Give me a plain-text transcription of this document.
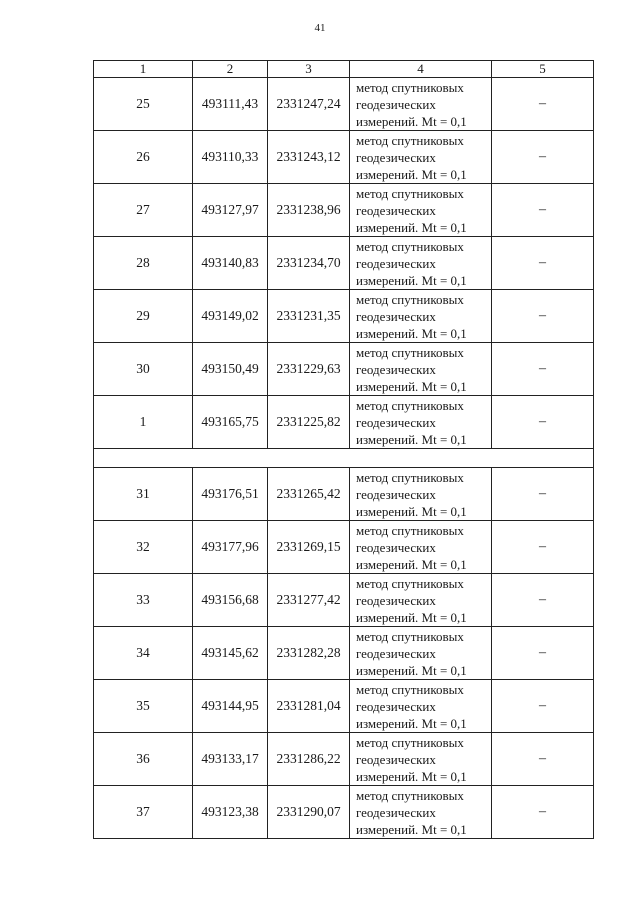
41
1	2	3	4	5
25	493111,43	2331247,24	метод спутниковых
геодезических
измерений. Mt = 0,1	–
26	493110,33	2331243,12	метод спутниковых
геодезических
измерений. Mt = 0,1	–
27	493127,97	2331238,96	метод спутниковых
геодезических
измерений. Mt = 0,1	–
28	493140,83	2331234,70	метод спутниковых
геодезических
измерений. Mt = 0,1	–
29	493149,02	2331231,35	метод спутниковых
геодезических
измерений. Mt = 0,1	–
30	493150,49	2331229,63	метод спутниковых
геодезических
измерений. Mt = 0,1	–
1	493165,75	2331225,82	метод спутниковых
геодезических
измерений. Mt = 0,1	–

31	493176,51	2331265,42	метод спутниковых
геодезических
измерений. Mt = 0,1	–
32	493177,96	2331269,15	метод спутниковых
геодезических
измерений. Mt = 0,1	–
33	493156,68	2331277,42	метод спутниковых
геодезических
измерений. Mt = 0,1	–
34	493145,62	2331282,28	метод спутниковых
геодезических
измерений. Mt = 0,1	–
35	493144,95	2331281,04	метод спутниковых
геодезических
измерений. Mt = 0,1	–
36	493133,17	2331286,22	метод спутниковых
геодезических
измерений. Mt = 0,1	–
37	493123,38	2331290,07	метод спутниковых
геодезических
измерений. Mt = 0,1	–
